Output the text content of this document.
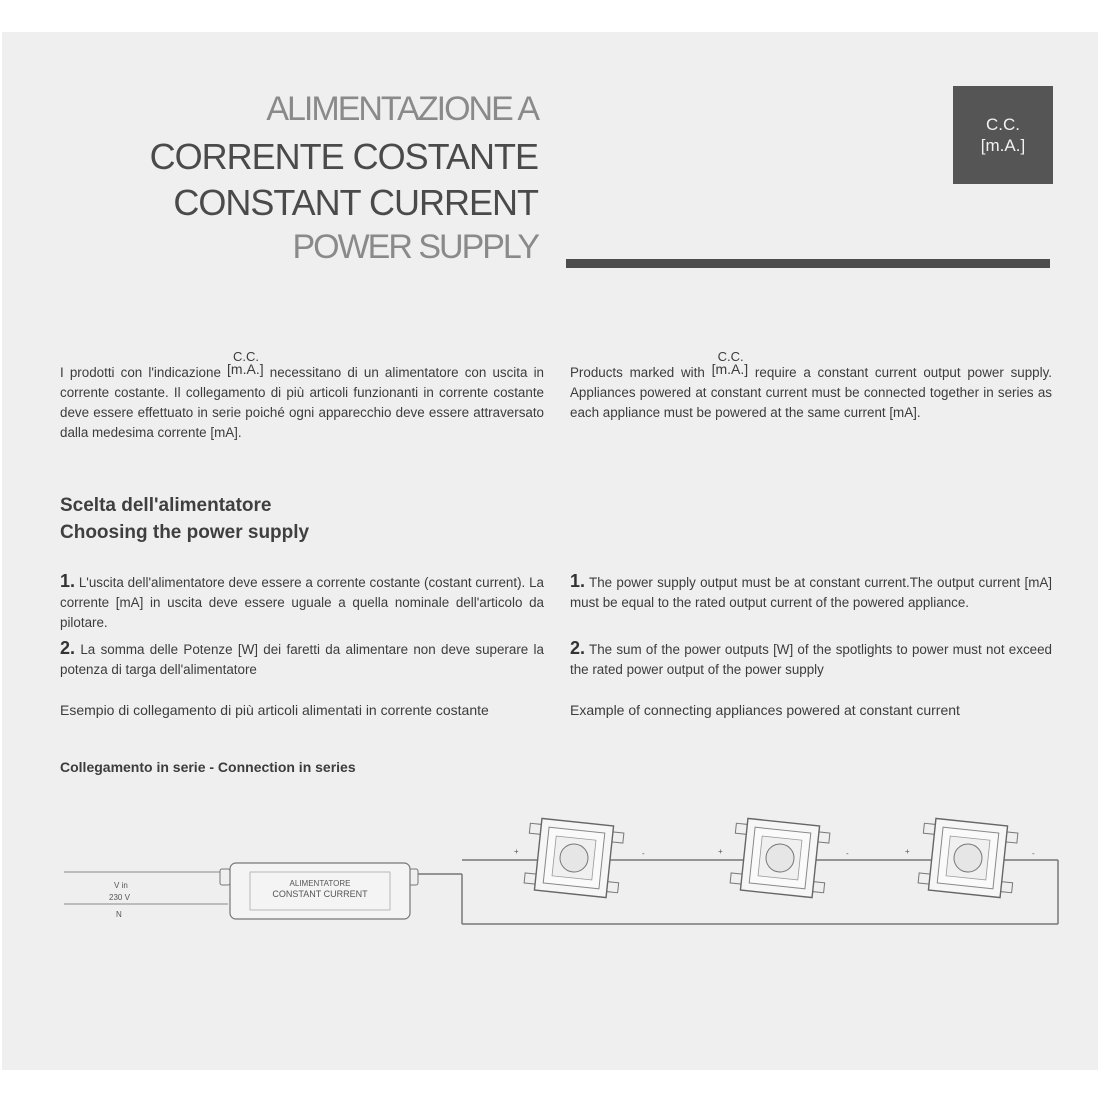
ALIMENTAZIONE A
CORRENTE COSTANTE
CONSTANT CURRENT
POWER SUPPLY
C.C.
[m.A.]
I prodotti con l'indicazione
C.C.
[m.A.] necessitano di un alimentatore con uscita in corrente costante. Il collegamento di più articoli funzionanti in corrente costante deve essere effettuato in serie poiché ogni apparecchio deve essere attraversato dalla medesima corrente [mA].
Products marked with
C.C.
[m.A.] require a constant current output power supply. Appliances powered at constant current must be connected together in series as each appliance must be powered at the same current [mA].
Scelta dell'alimentatore
Choosing the power supply
1. L'uscita dell'alimentatore deve essere a corrente costante (costant current). La corrente [mA] in uscita deve essere uguale a quella nominale dell'articolo da pilotare.
2. La somma delle Potenze [W] dei faretti da alimentare non deve superare la potenza di targa dell'alimentatore
1. The power supply output must be at constant current.The output current [mA] must be equal to the rated output current of the powered appliance.
2. The sum of the power outputs [W] of the spotlights to power must not exceed the rated power output of the power supply
Esempio di collegamento di più articoli alimentati in corrente costante	Example of connecting appliances powered at constant current
Collegamento in serie - Connection in series
V in
230 V
N
ALIMENTATORE
CONSTANT CURRENT
+	-	+	-	+	-
